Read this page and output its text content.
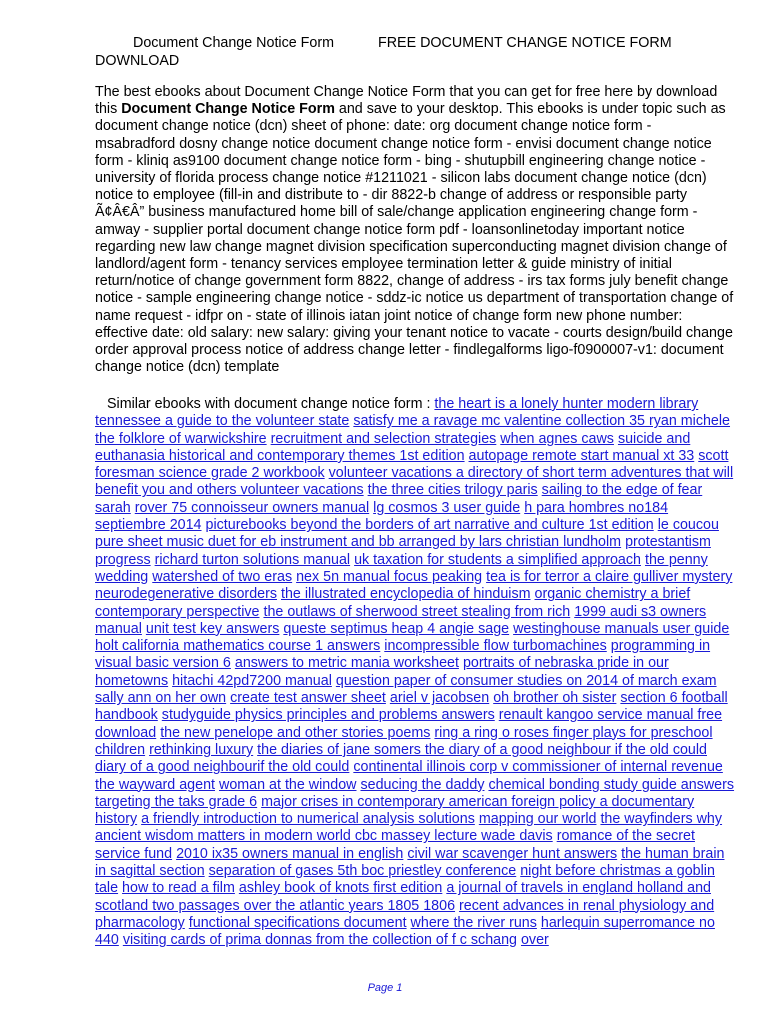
Document Change Notice Form	FREE DOCUMENT CHANGE NOTICE FORM
DOWNLOAD
The best ebooks about Document Change Notice Form that you can get for free here by download this Document Change Notice Form and save to your desktop. This ebooks is under topic such as document change notice (dcn) sheet of phone: date: org document change notice form - msabradford dosny change notice document change notice form - envisi document change notice form - kliniq as9100 document change notice form - bing - shutupbill engineering change notice - university of florida process change notice #1211021 - silicon labs document change notice (dcn) notice to employee (fill-in and distribute to - dir 8822-b change of address or responsible party Ã¢Â€Â” business manufactured home bill of sale/change application engineering change form - amway - supplier portal document change notice form pdf - loansonlinetoday important notice regarding new law change magnet division specification superconducting magnet division change of landlord/agent form - tenancy services employee termination letter & guide ministry of initial return/notice of change government form 8822, change of address - irs tax forms july benefit change notice - sample engineering change notice - sddz-ic notice us department of transportation change of name request - idfpr on - state of illinois iatan joint notice of change form new phone number: effective date: old salary: new salary: giving your tenant notice to vacate - courts design/build change order approval process notice of address change letter - findlegalforms ligo-f0900007-v1: document change notice (dcn) template
Similar ebooks with document change notice form : the heart is a lonely hunter modern library tennessee a guide to the volunteer state satisfy me a ravage mc valentine collection 35 ryan michele the folklore of warwickshire recruitment and selection strategies when agnes caws suicide and euthanasia historical and contemporary themes 1st edition autopage remote start manual xt 33 scott foresman science grade 2 workbook volunteer vacations a directory of short term adventures that will benefit you and others volunteer vacations the three cities trilogy paris sailing to the edge of fear sarah rover 75 connoisseur owners manual lg cosmos 3 user guide h para hombres no184 septiembre 2014 picturebooks beyond the borders of art narrative and culture 1st edition le coucou pure sheet music duet for eb instrument and bb arranged by lars christian lundholm protestantism progress richard turton solutions manual uk taxation for students a simplified approach the penny wedding watershed of two eras nex 5n manual focus peaking tea is for terror a claire gulliver mystery neurodegenerative disorders the illustrated encyclopedia of hinduism organic chemistry a brief contemporary perspective the outlaws of sherwood street stealing from rich 1999 audi s3 owners manual unit test key answers queste septimus heap 4 angie sage westinghouse manuals user guide holt california mathematics course 1 answers incompressible flow turbomachines programming in visual basic version 6 answers to metric mania worksheet portraits of nebraska pride in our hometowns hitachi 42pd7200 manual question paper of consumer studies on 2014 of march exam sally ann on her own create test answer sheet ariel v jacobsen oh brother oh sister section 6 football handbook studyguide physics principles and problems answers renault kangoo service manual free download the new penelope and other stories poems ring a ring o roses finger plays for preschool children rethinking luxury the diaries of jane somers the diary of a good neighbour if the old could diary of a good neighbourif the old could continental illinois corp v commissioner of internal revenue the wayward agent woman at the window seducing the daddy chemical bonding study guide answers targeting the taks grade 6 major crises in contemporary american foreign policy a documentary history a friendly introduction to numerical analysis solutions mapping our world the wayfinders why ancient wisdom matters in modern world cbc massey lecture wade davis romance of the secret service fund 2010 ix35 owners manual in english civil war scavenger hunt answers the human brain in sagittal section separation of gases 5th boc priestley conference night before christmas a goblin tale how to read a film ashley book of knots first edition a journal of travels in england holland and scotland two passages over the atlantic years 1805 1806 recent advances in renal physiology and pharmacology functional specifications document where the river runs harlequin superromance no 440 visiting cards of prima donnas from the collection of f c schang over
Page 1
